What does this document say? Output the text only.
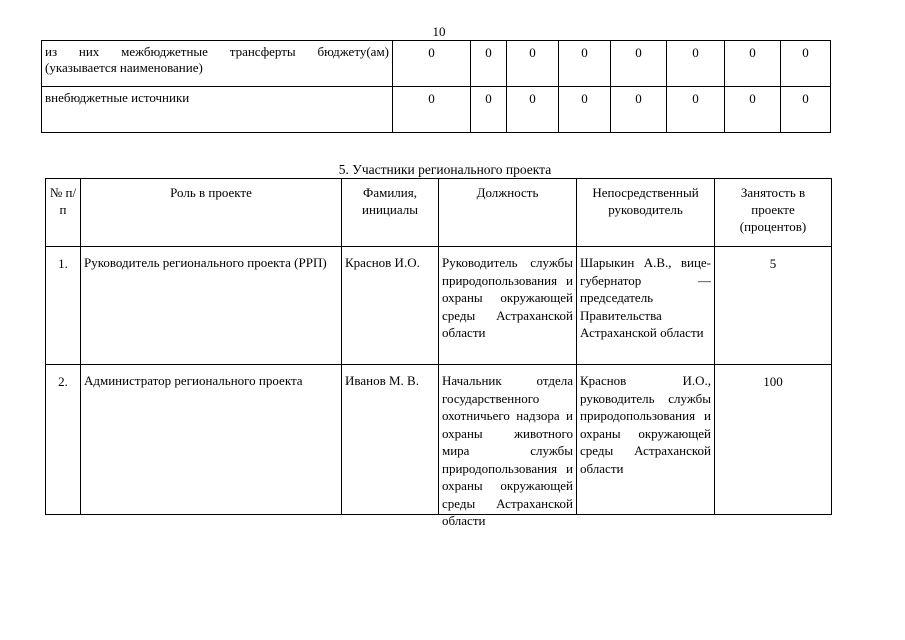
10
из них межбюджетные трансферты бюджету(ам) (указывается наименование)	0	0	0	0	0	0	0	0
внебюджетные источники	0	0	0	0	0	0	0	0
5. Участники регионального проекта
№ п/п	Роль в проекте	Фамилия, инициалы	Должность	Непосредственный руководитель	Занятость в проекте (процентов)
1.	Руководитель регионального проекта (РРП)	Краснов И.О.	Руководитель службы природопользования и охраны окружающей среды Астраханской области	Шарыкин А.В., вице-губернатор — председатель Правительства Астраханской области	5
2.	Администратор регионального проекта	Иванов М. В.	Начальник отдела государственного охотничьего надзора и охраны животного мира службы природопользования и охраны окружающей среды Астраханской области	Краснов И.О., руководитель службы природопользования и охраны окружающей среды Астраханской области	100
